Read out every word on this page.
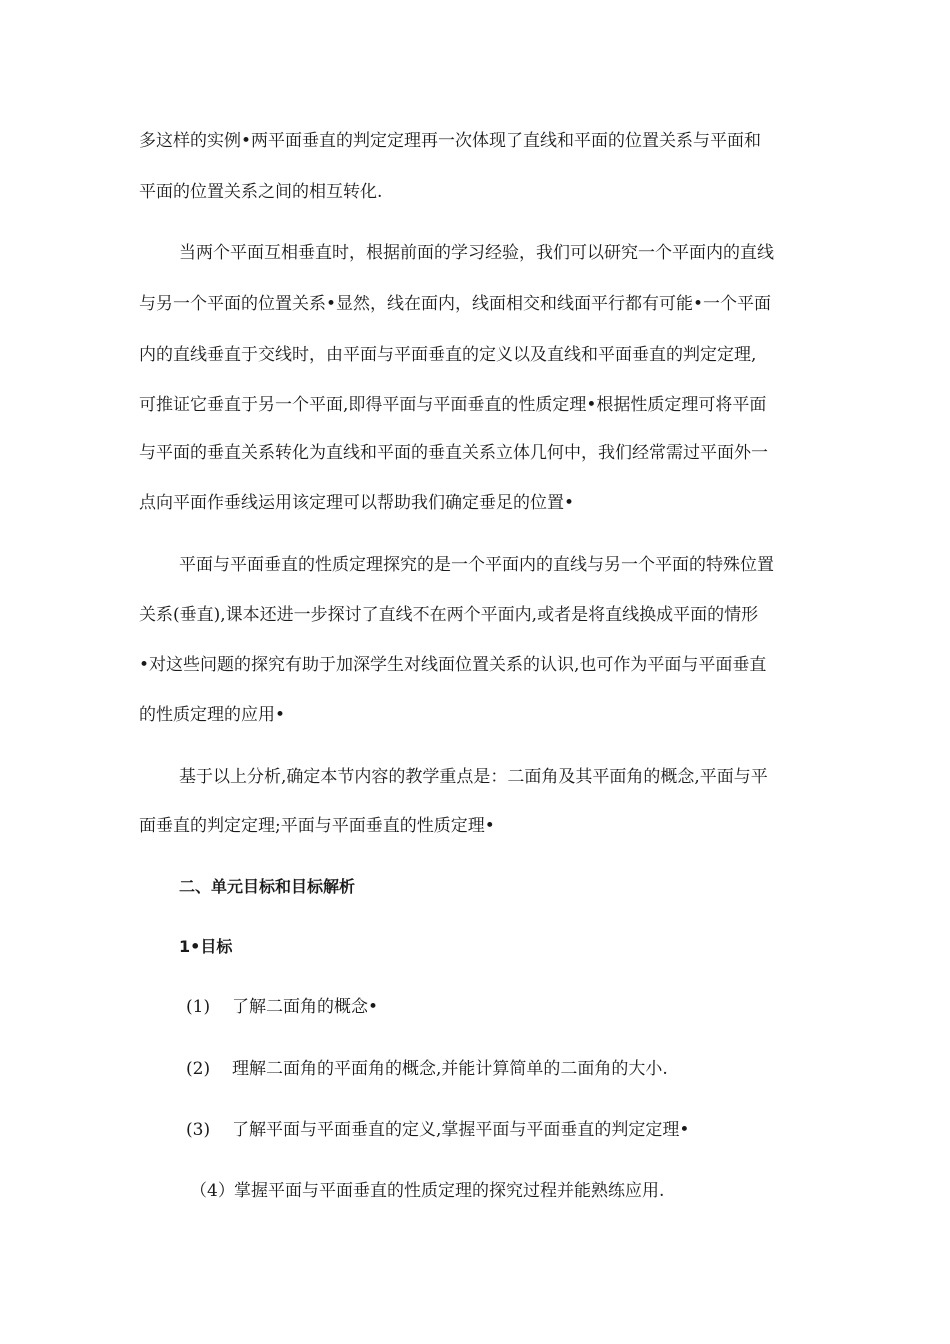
多这样的实例•两平面垂直的判定定理再一次体现了直线和平面的位置关系与平面和
平面的位置关系之间的相互转化.
当两个平面互相垂直时，根据前面的学习经验，我们可以研究一个平面内的直线
与另一个平面的位置关系•显然，线在面内，线面相交和线面平行都有可能•一个平面
内的直线垂直于交线时，由平面与平面垂直的定义以及直线和平面垂直的判定定理,
可推证它垂直于另一个平面,即得平面与平面垂直的性质定理•根据性质定理可将平面
与平面的垂直关系转化为直线和平面的垂直关系立体几何中，我们经常需过平面外一
点向平面作垂线运用该定理可以帮助我们确定垂足的位置•
平面与平面垂直的性质定理探究的是一个平面内的直线与另一个平面的特殊位置
关系(垂直),课本还进一步探讨了直线不在两个平面内,或者是将直线换成平面的情形
•对这些问题的探究有助于加深学生对线面位置关系的认识,也可作为平面与平面垂直
的性质定理的应用•
基于以上分析,确定本节内容的教学重点是：二面角及其平面角的概念,平面与平
面垂直的判定定理;平面与平面垂直的性质定理•
二、单元目标和目标解析
1•目标
(1) 了解二面角的概念•
(2) 理解二面角的平面角的概念,并能计算简单的二面角的大小.
(3) 了解平面与平面垂直的定义,掌握平面与平面垂直的判定定理•
（4）掌握平面与平面垂直的性质定理的探究过程并能熟练应用.
